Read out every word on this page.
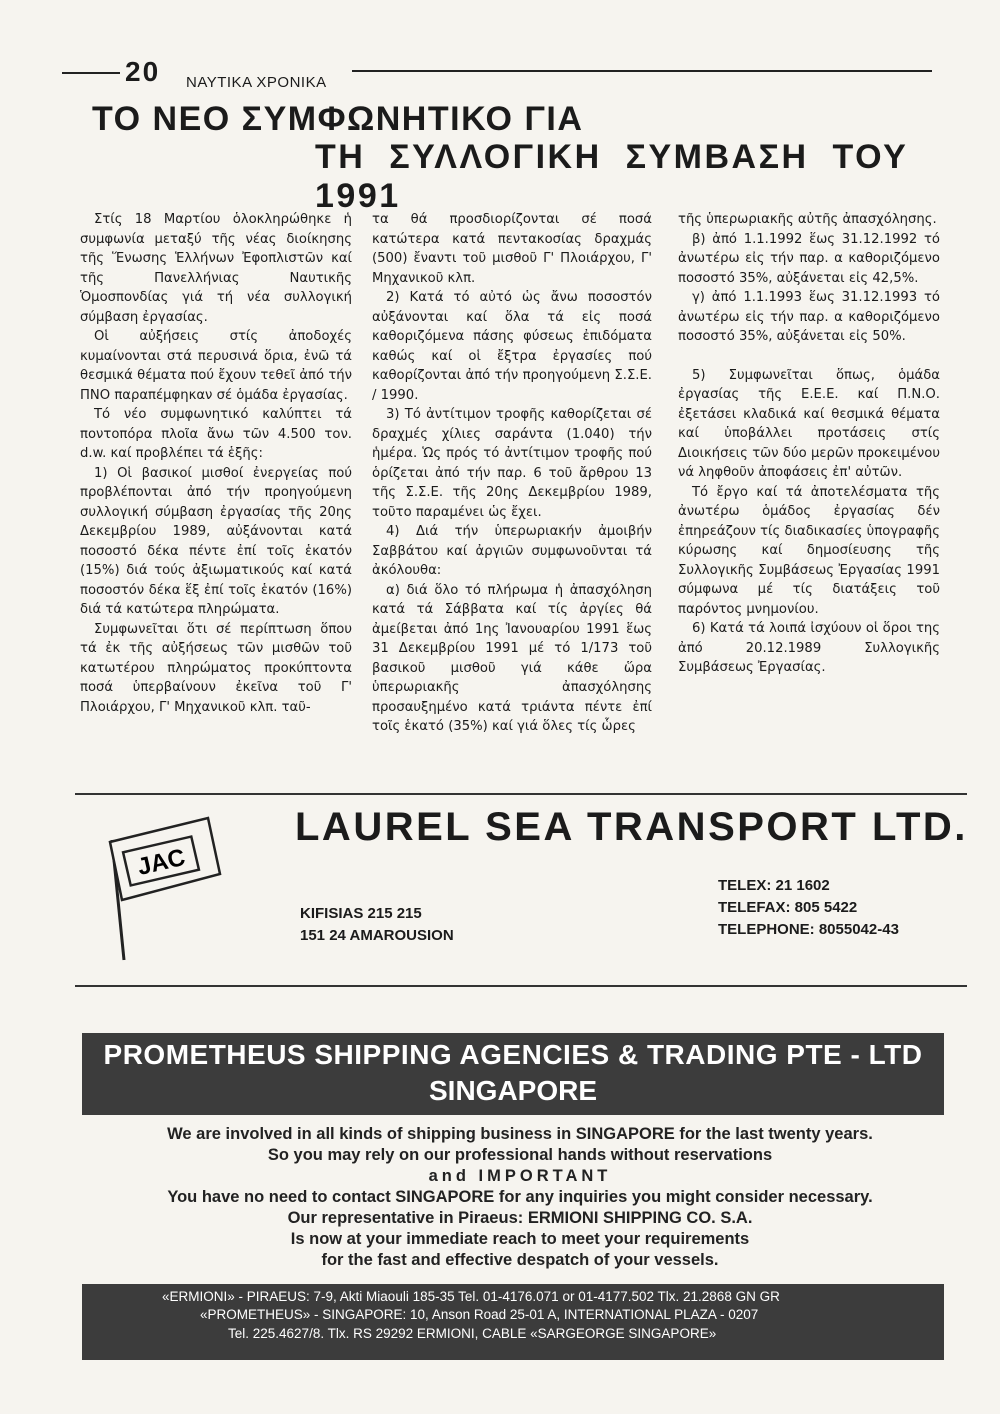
20 ΝΑΥΤΙΚΑ ΧΡΟΝΙΚΑ
ΤΟ ΝΕΟ ΣΥΜΦΩΝΗΤΙΚΟ ΓΙΑ
ΤΗ ΣΥΛΛΟΓΙΚΗ ΣΥΜΒΑΣΗ ΤΟΥ 1991

Στίς 18 Μαρτίου ὁλοκληρώθηκε ἡ συμφωνία μεταξύ τῆς νέας διοίκησης τῆς Ἕνωσης Ἑλλήνων Ἐφοπλιστῶν καί τῆς Πανελλήνιας Ναυτικῆς Ὁμοσπονδίας γιά τή νέα συλλογική σύμβαση ἐργασίας.

Οἱ αὐξήσεις στίς ἀποδοχές κυμαίνονται στά περυσινά ὅρια, ἐνῶ τά θεσμικά θέματα πού ἔχουν τεθεῖ ἀπό τήν ΠΝΟ παραπέμφηκαν σέ ὁμάδα ἐργασίας.

Τό νέο συμφωνητικό καλύπτει τά ποντοπόρα πλοῖα ἄνω τῶν 4.500 τον. d.w. καί προβλέπει τά ἑξῆς:

1) Οἱ βασικοί μισθοί ἐνεργείας πού προβλέπονται ἀπό τήν προηγούμενη συλλογική σύμβαση ἐργασίας τῆς 20ης Δεκεμβρίου 1989, αὐξάνονται κατά ποσοστό δέκα πέντε ἐπί τοῖς ἑκατόν (15%) διά τούς ἀξιωματικούς καί κατά ποσοστόν δέκα ἕξ ἐπί τοῖς ἑκατόν (16%) διά τά κατώτερα πληρώματα.

Συμφωνεῖται ὅτι σέ περίπτωση ὅπου τά ἐκ τῆς αὐξήσεως τῶν μισθῶν τοῦ κατωτέρου πληρώματος προκύπτοντα ποσά ὑπερβαίνουν ἐκεῖνα τοῦ Γ' Πλοιάρχου, Γ' Μηχανικοῦ κλπ. ταῦ-

τα θά προσδιορίζονται σέ ποσά κατώτερα κατά πεντακοσίας δραχμάς (500) ἔναντι τοῦ μισθοῦ Γ' Πλοιάρχου, Γ' Μηχανικοῦ κλπ.

2) Κατά τό αὐτό ὡς ἄνω ποσοστόν αὐξάνονται καί ὅλα τά εἰς ποσά καθοριζόμενα πάσης φύσεως ἐπιδόματα καθώς καί οἱ ἔξτρα ἐργασίες πού καθορίζονται ἀπό τήν προηγούμενη Σ.Σ.Ε. / 1990.

3) Τό ἀντίτιμον τροφῆς καθορίζεται σέ δραχμές χίλιες σαράντα (1.040) τήν ἡμέρα. Ὡς πρός τό ἀντίτιμον τροφῆς πού ὁρίζεται ἀπό τήν παρ. 6 τοῦ ἄρθρου 13 τῆς Σ.Σ.Ε. τῆς 20ης Δεκεμβρίου 1989, τοῦτο παραμένει ὡς ἔχει.

4) Διά τήν ὑπερωριακήν ἀμοιβήν Σαββάτου καί ἀργιῶν συμφωνοῦνται τά ἀκόλουθα:

α) διά ὅλο τό πλήρωμα ἡ ἀπασχόληση κατά τά Σάββατα καί τίς ἀργίες θά ἀμείβεται ἀπό 1ης Ἰανουαρίου 1991 ἕως 31 Δεκεμβρίου 1991 μέ τό 1/173 τοῦ βασικοῦ μισθοῦ γιά κάθε ὥρα ὑπερωριακῆς ἀπασχόλησης προσαυξημένο κατά τριάντα πέντε ἐπί τοῖς ἑκατό (35%) καί γιά ὅλες τίς ὧρες

τῆς ὑπερωριακῆς αὐτῆς ἀπασχόλησης.

β) ἀπό 1.1.1992 ἕως 31.12.1992 τό ἀνωτέρω εἰς τήν παρ. α καθοριζόμενο ποσοστό 35%, αὐξάνεται εἰς 42,5%.

γ) ἀπό 1.1.1993 ἕως 31.12.1993 τό ἀνωτέρω εἰς τήν παρ. α καθοριζόμενο ποσοστό 35%, αὐξάνεται εἰς 50%.

5) Συμφωνεῖται ὅπως, ὁμάδα ἐργασίας τῆς Ε.Ε.Ε. καί Π.Ν.Ο. ἐξετάσει κλαδικά καί θεσμικά θέματα καί ὑποβάλλει προτάσεις στίς Διοικήσεις τῶν δύο μερῶν προκειμένου νά ληφθοῦν ἀποφάσεις ἐπ' αὐτῶν.

Τό ἔργο καί τά ἀποτελέσματα τῆς ἀνωτέρω ὁμάδος ἐργασίας δέν ἐπηρεάζουν τίς διαδικασίες ὑπογραφῆς κύρωσης καί δημοσίευσης τῆς Συλλογικῆς Συμβάσεως Ἐργασίας 1991 σύμφωνα μέ τίς διατάξεις τοῦ παρόντος μνημονίου.

6) Κατά τά λοιπά ἰσχύουν οἱ ὅροι της ἀπό 20.12.1989 Συλλογικῆς Συμβάσεως Ἐργασίας.

JAC
LAUREL SEA TRANSPORT LTD.
KIFISIAS 215 215
151 24 AMAROUSION
TELEX: 21 1602
TELEFAX: 805 5422
TELEPHONE: 8055042-43
PROMETHEUS SHIPPING AGENCIES & TRADING PTE - LTD
SINGAPORE
We are involved in all kinds of shipping business in SINGAPORE for the last twenty years.
So you may rely on our professional hands without reservations
and IMPORTANT
You have no need to contact SINGAPORE for any inquiries you might consider necessary.
Our representative in Piraeus: ERMIONI SHIPPING CO. S.A.
Is now at your immediate reach to meet your requirements
for the fast and effective despatch of your vessels.
«ERMIONI» - PIRAEUS: 7-9, Akti Miaouli 185-35 Tel. 01-4176.071 or 01-4177.502 Tlx. 21.2868 GN GR
«PROMETHEUS» - SINGAPORE: 10, Anson Road 25-01 A, INTERNATIONAL PLAZA - 0207
Tel. 225.4627/8. Tlx. RS 29292 ERMIONI, CABLE «SARGEORGE SINGAPORE»
